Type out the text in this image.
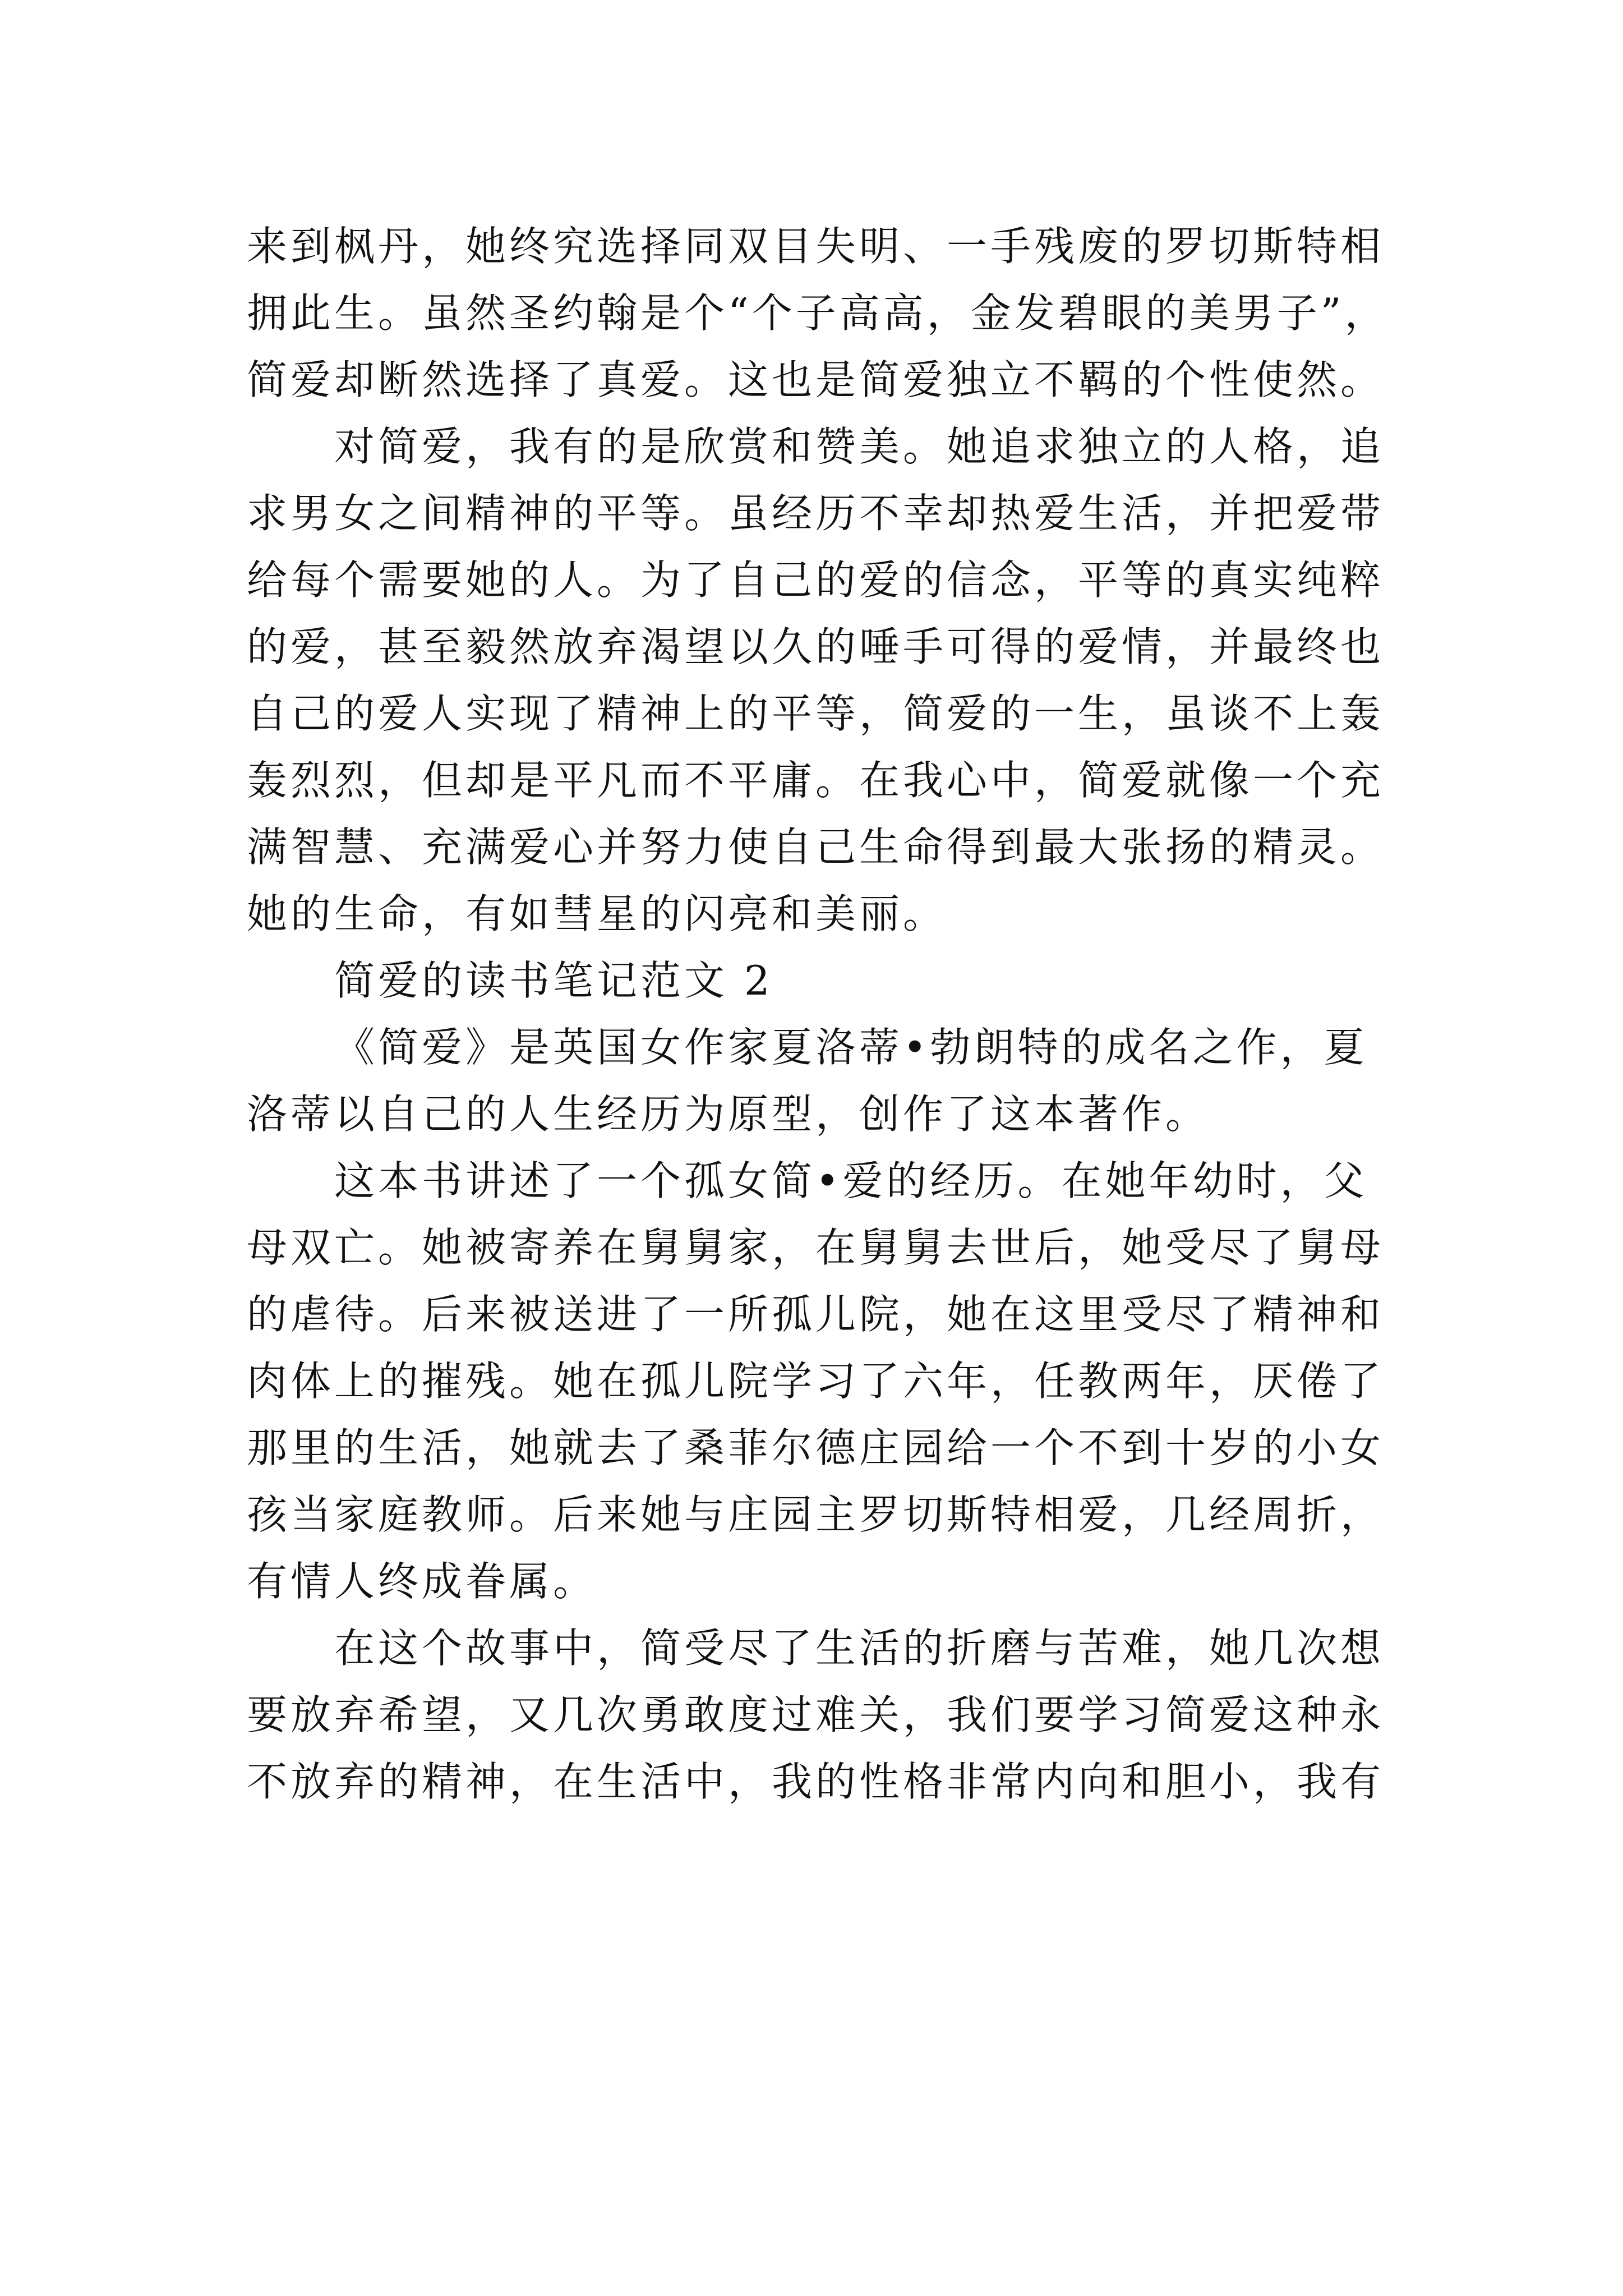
来到枫丹，她终究选择同双目失明、一手残废的罗切斯特相
拥此生。虽然圣约翰是个“个子高高，金发碧眼的美男子”，
简爱却断然选择了真爱。这也是简爱独立不羁的个性使然。
对简爱，我有的是欣赏和赞美。她追求独立的人格，追
求男女之间精神的平等。虽经历不幸却热爱生活，并把爱带
给每个需要她的人。为了自己的爱的信念，平等的真实纯粹
的爱，甚至毅然放弃渴望以久的唾手可得的爱情，并最终也
自己的爱人实现了精神上的平等，简爱的一生，虽谈不上轰
轰烈烈，但却是平凡而不平庸。在我心中，简爱就像一个充
满智慧、充满爱心并努力使自己生命得到最大张扬的精灵。
她的生命，有如彗星的闪亮和美丽。
简爱的读书笔记范文 2
《简爱》是英国女作家夏洛蒂•勃朗特的成名之作，夏
洛蒂以自己的人生经历为原型，创作了这本著作。
这本书讲述了一个孤女简•爱的经历。在她年幼时，父
母双亡。她被寄养在舅舅家，在舅舅去世后，她受尽了舅母
的虐待。后来被送进了一所孤儿院，她在这里受尽了精神和
肉体上的摧残。她在孤儿院学习了六年，任教两年，厌倦了
那里的生活，她就去了桑菲尔德庄园给一个不到十岁的小女
孩当家庭教师。后来她与庄园主罗切斯特相爱，几经周折，
有情人终成眷属。
在这个故事中，简受尽了生活的折磨与苦难，她几次想
要放弃希望，又几次勇敢度过难关，我们要学习简爱这种永
不放弃的精神，在生活中，我的性格非常内向和胆小，我有
